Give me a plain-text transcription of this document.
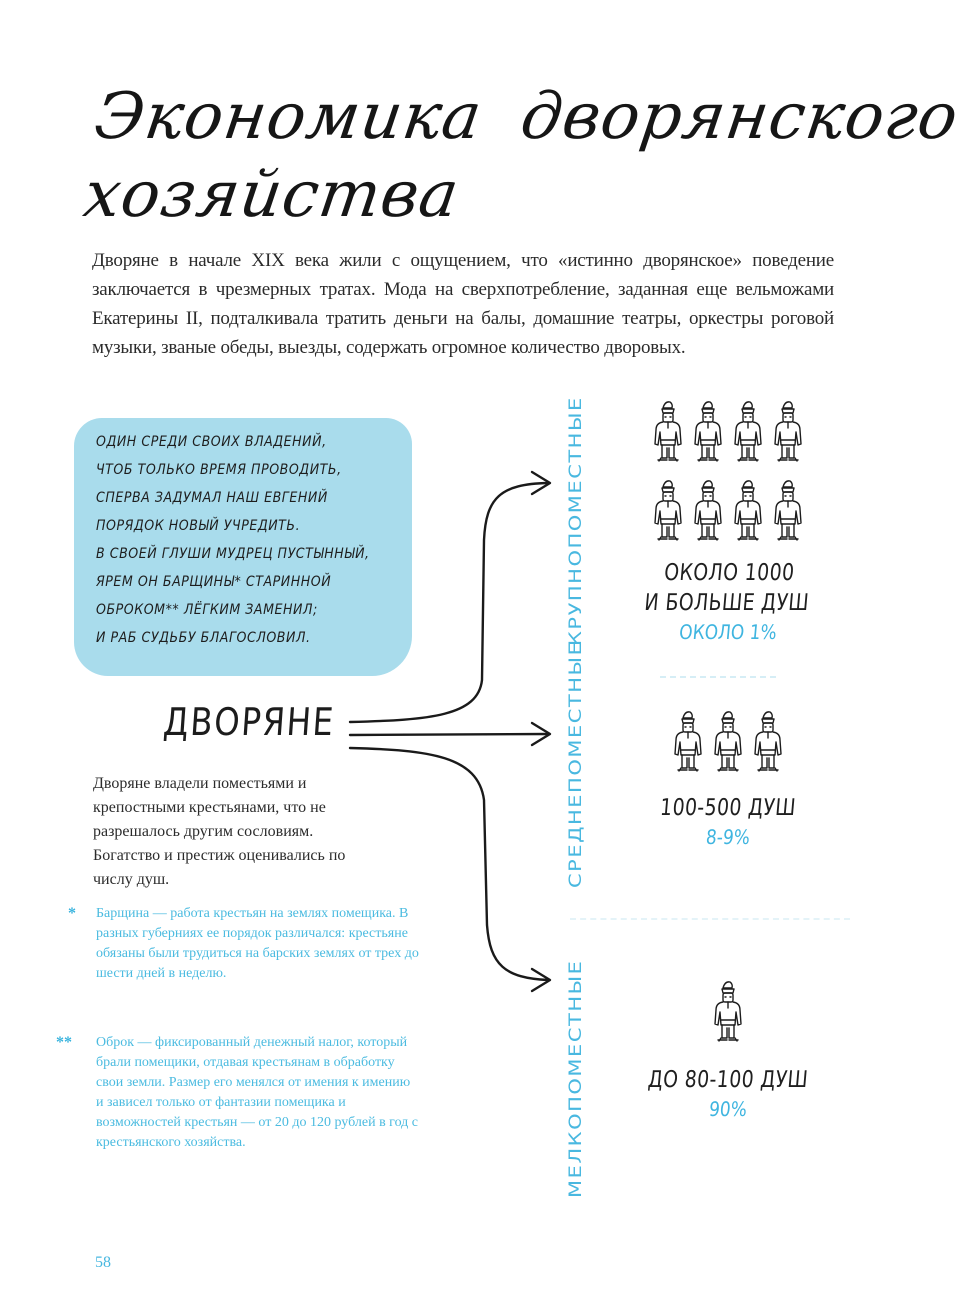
Экономика дворянского
хозяйства

Дворяне в начале XIX века жили с ощущением, что «истинно дворянское» поведение заключается в чрезмерных тратах. Мода на сверхпотребление, заданная еще вельможами Екатерины II, подталкивала тратить деньги на балы, домашние театры, оркестры роговой музыки, званые обеды, выезды, содержать огромное количество дворовых.

ОДИН СРЕДИ СВОИХ ВЛАДЕНИЙ,
ЧТОБ ТОЛЬКО ВРЕМЯ ПРОВОДИТЬ,
СПЕРВА ЗАДУМАЛ НАШ ЕВГЕНИЙ
ПОРЯДОК НОВЫЙ УЧРЕДИТЬ.
В СВОЕЙ ГЛУШИ МУДРЕЦ ПУСТЫННЫЙ,
ЯРЕМ ОН БАРЩИНЫ* СТАРИННОЙ
ОБРОКОМ** ЛЁГКИМ ЗАМЕНИЛ;
И РАБ СУДЬБУ БЛАГОСЛОВИЛ.
ДВОРЯНЕ

Дворяне владели поместьями и крепостными крестьянами, что не разрешалось другим сословиям. Богатство и престиж оценивались по числу душ.

* Барщина — работа крестьян на землях помещика. В разных губерниях ее порядок различался: крестьяне обязаны были трудиться на барских землях от трех до шести дней в неделю.
** Оброк — фиксированный денежный налог, который брали помещики, отдавая крестьянам в обработку свои земли. Размер его менялся от имения к имению и зависел только от фантазии помещика и возможностей крестьян — от 20 до 120 рублей в год с крестьянского хозяйства.
КРУПНОПОМЕСТНЫЕ
СРЕДНЕПОМЕСТНЫЕ
МЕЛКОПОМЕСТНЫЕ
ОКОЛО 1000
И БОЛЬШЕ ДУШ
ОКОЛО 1%
100-500 ДУШ
8-9%
ДО 80-100 ДУШ
90%
58
